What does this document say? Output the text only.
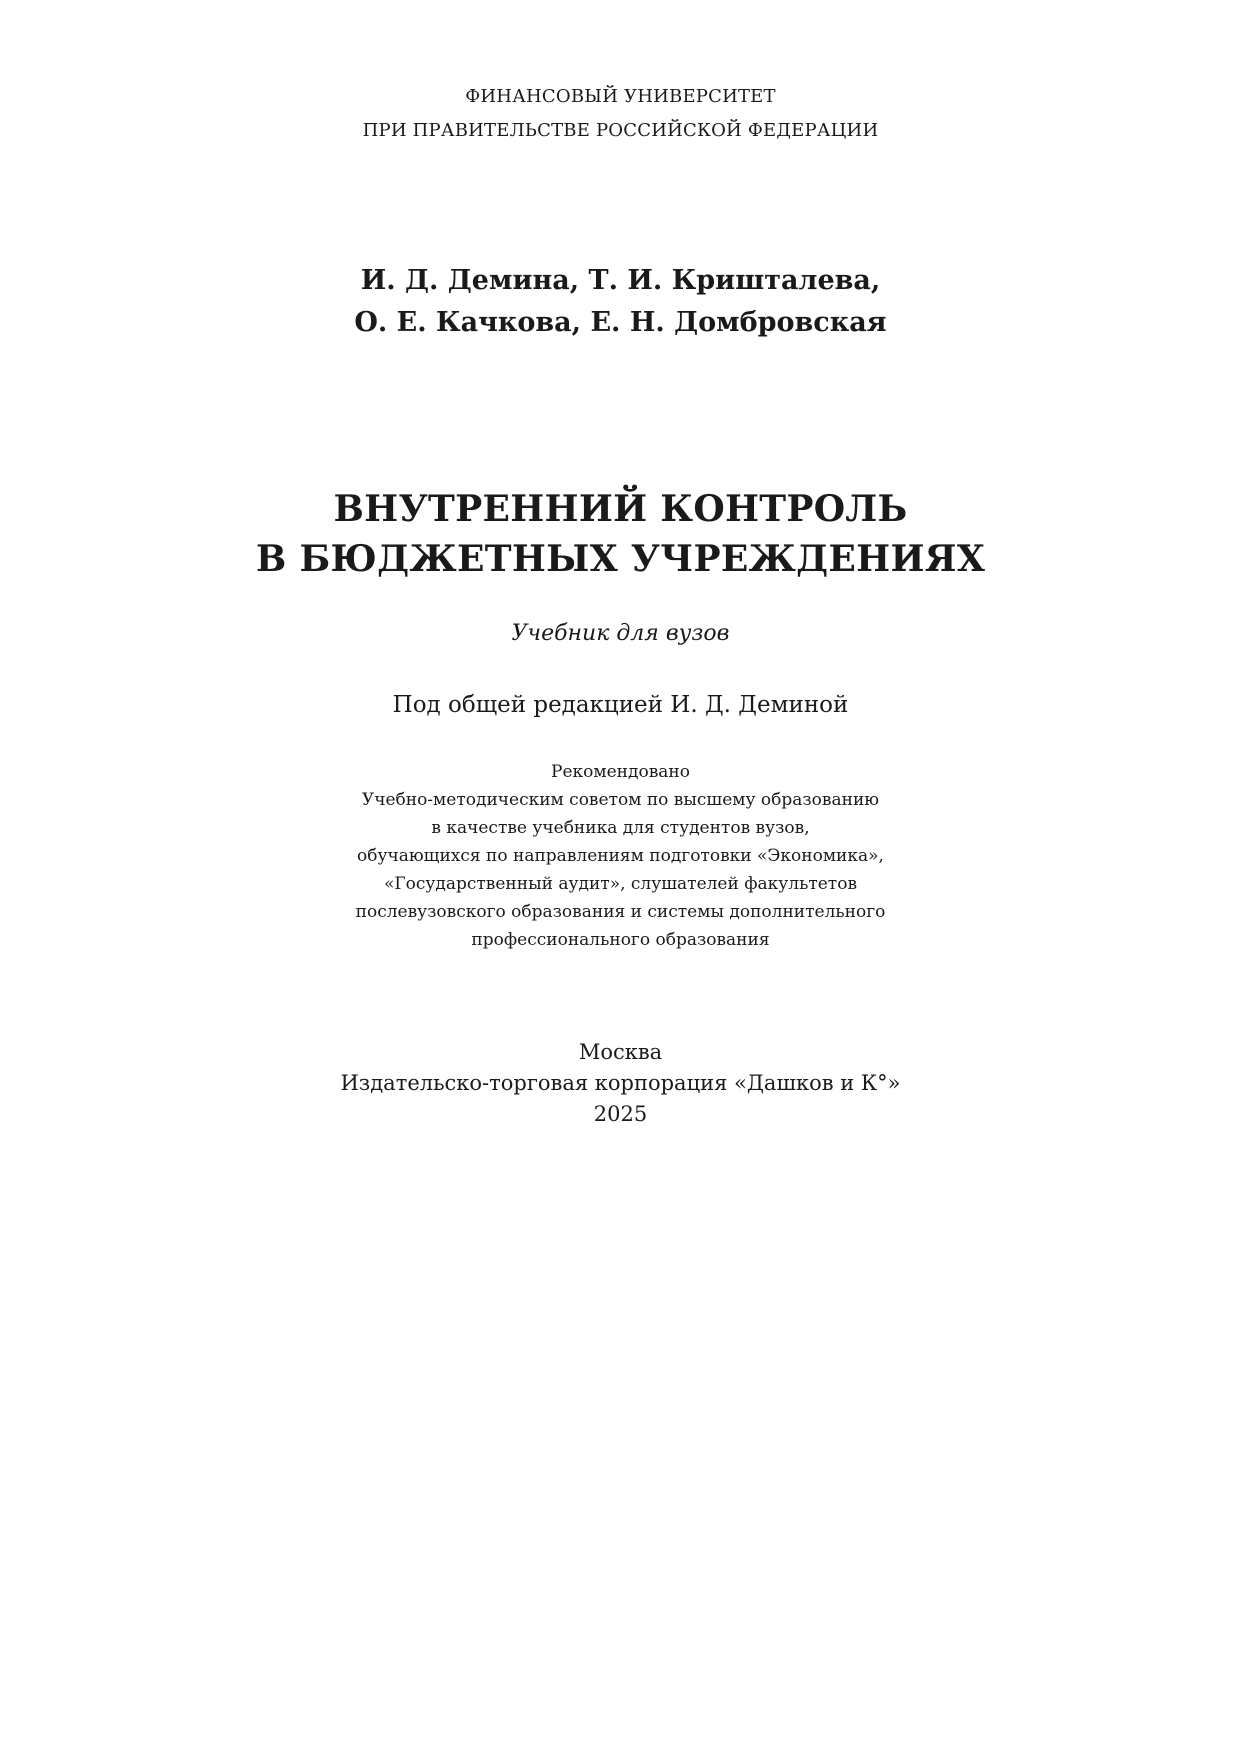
ФИНАНСОВЫЙ УНИВЕРСИТЕТ
ПРИ ПРАВИТЕЛЬСТВЕ РОССИЙСКОЙ ФЕДЕРАЦИИ
И. Д. Демина, Т. И. Кришталева,
О. Е. Качкова, Е. Н. Домбровская
ВНУТРЕННИЙ КОНТРОЛЬ
В БЮДЖЕТНЫХ УЧРЕЖДЕНИЯХ
Учебник для вузов
Под общей редакцией И. Д. Деминой
Рекомендовано
Учебно-методическим советом по высшему образованию
в качестве учебника для студентов вузов,
обучающихся по направлениям подготовки «Экономика»,
«Государственный аудит», слушателей факультетов
послевузовского образования и системы дополнительного
профессионального образования
Москва
Издательско-торговая корпорация «Дашков и К°»
2025
